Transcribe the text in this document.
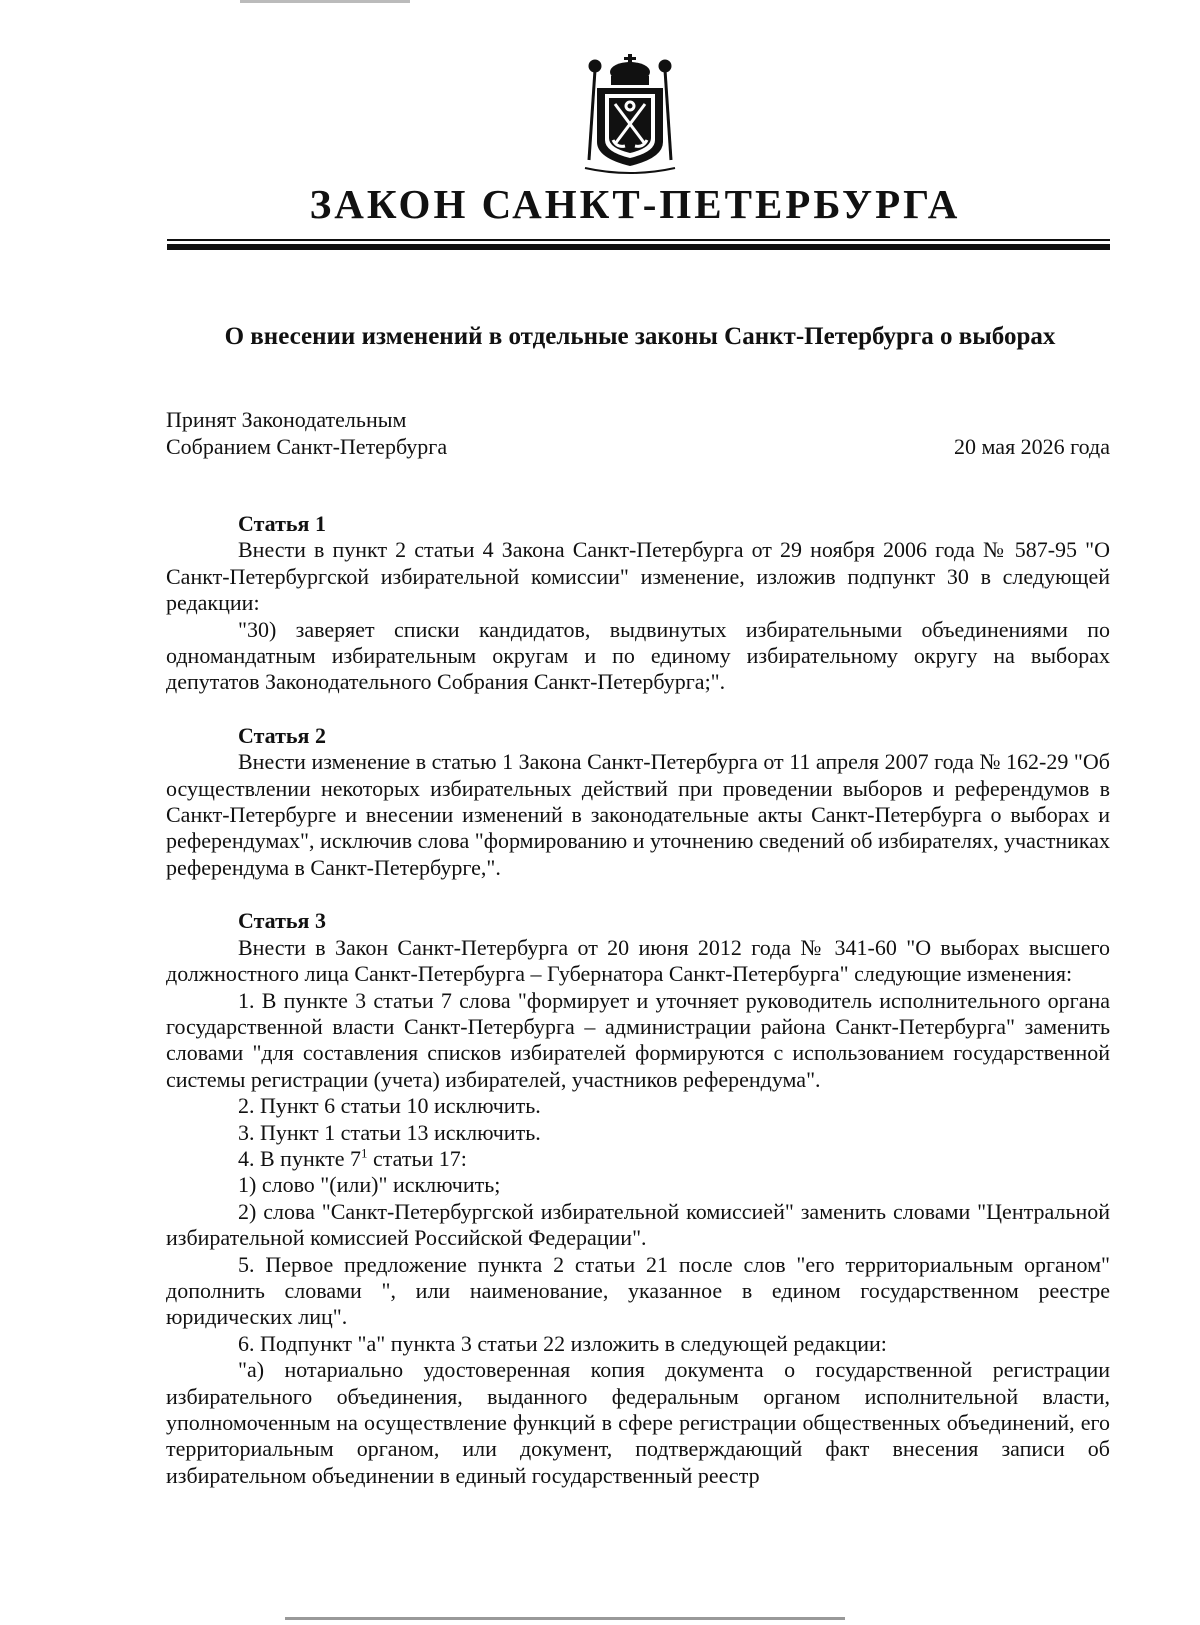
ЗАКОН САНКТ-ПЕТЕРБУРГА
О внесении изменений в отдельные законы Санкт-Петербурга о выборах
Принят Законодательным
Собранием Санкт-Петербурга	20 мая 2026 года

Статья 1

Внести в пункт 2 статьи 4 Закона Санкт-Петербурга от 29 ноября 2006 года № 587-95 "О Санкт-Петербургской избирательной комиссии" изменение, изложив подпункт 30 в следующей редакции:

"30) заверяет списки кандидатов, выдвинутых избирательными объединениями по одномандатным избирательным округам и по единому избирательному округу на выборах депутатов Законодательного Собрания Санкт-Петербурга;".

Статья 2

Внести изменение в статью 1 Закона Санкт-Петербурга от 11 апреля 2007 года № 162-29 "Об осуществлении некоторых избирательных действий при проведении выборов и референдумов в Санкт-Петербурге и внесении изменений в законодательные акты Санкт-Петербурга о выборах и референдумах", исключив слова "формированию и уточнению сведений об избирателях, участниках референдума в Санкт-Петербурге,".

Статья 3

Внести в Закон Санкт-Петербурга от 20 июня 2012 года № 341-60 "О выборах высшего должностного лица Санкт-Петербурга – Губернатора Санкт-Петербурга" следующие изменения:

1. В пункте 3 статьи 7 слова "формирует и уточняет руководитель исполнительного органа государственной власти Санкт-Петербурга – администрации района Санкт-Петербурга" заменить словами "для составления списков избирателей формируются с использованием государственной системы регистрации (учета) избирателей, участников референдума".

2. Пункт 6 статьи 10 исключить.

3. Пункт 1 статьи 13 исключить.

4. В пункте $7^1$ статьи 17:

1) слово "(или)" исключить;

2) слова "Санкт-Петербургской избирательной комиссией" заменить словами "Центральной избирательной комиссией Российской Федерации".

5. Первое предложение пункта 2 статьи 21 после слов "его территориальным органом" дополнить словами ", или наименование, указанное в едином государственном реестре юридических лиц".

6. Подпункт "а" пункта 3 статьи 22 изложить в следующей редакции:

"а) нотариально удостоверенная копия документа о государственной регистрации избирательного объединения, выданного федеральным органом исполнительной власти, уполномоченным на осуществление функций в сфере регистрации общественных объединений, его территориальным органом, или документ, подтверждающий факт внесения записи об избирательном объединении в единый государственный реестр
